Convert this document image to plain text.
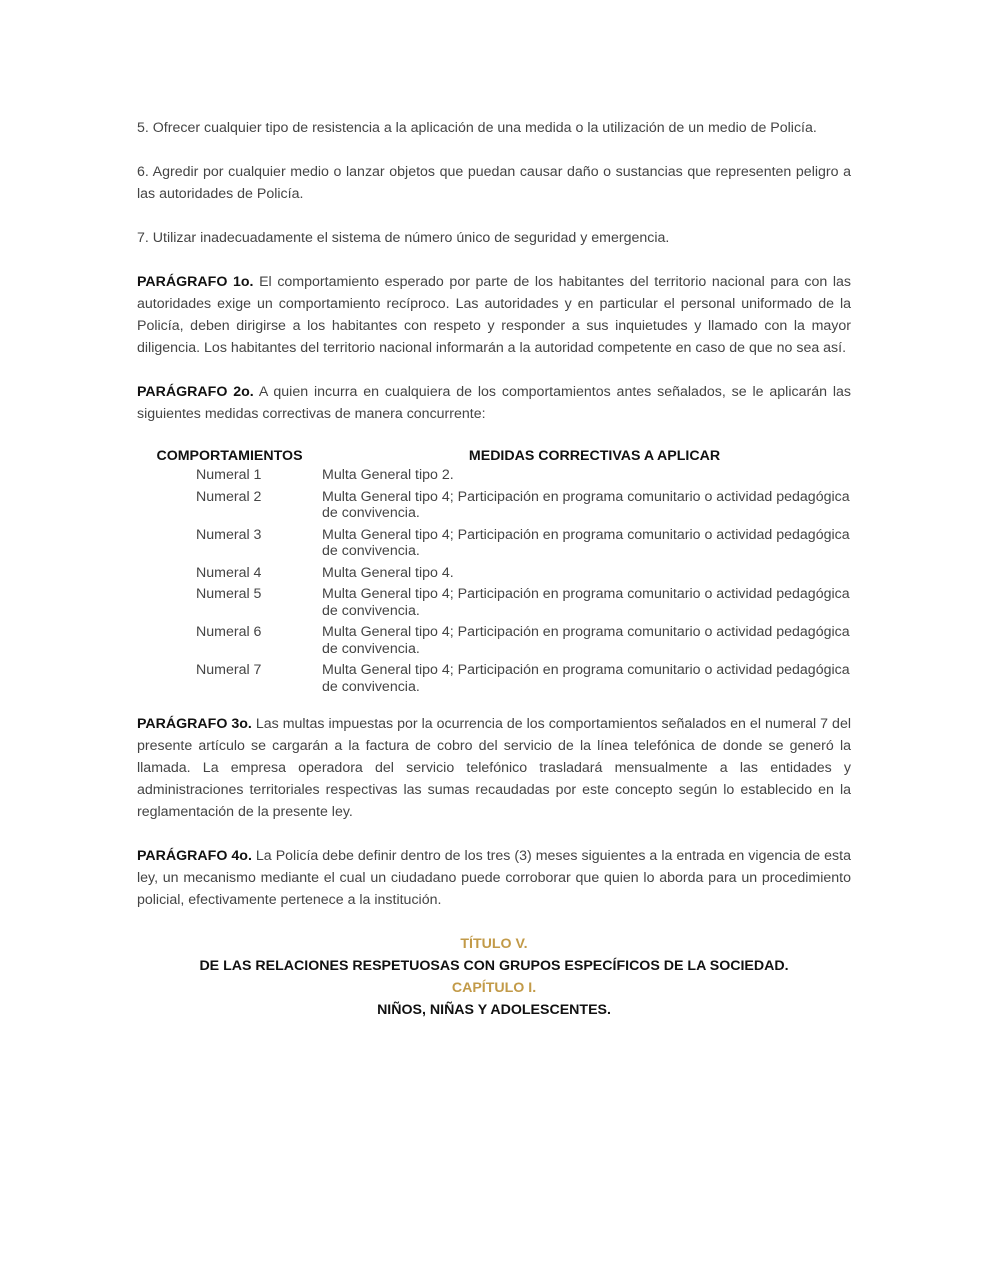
5. Ofrecer cualquier tipo de resistencia a la aplicación de una medida o la utilización de un medio de Policía.

6. Agredir por cualquier medio o lanzar objetos que puedan causar daño o sustancias que representen peligro a las autoridades de Policía.

7. Utilizar inadecuadamente el sistema de número único de seguridad y emergencia.

PARÁGRAFO 1o. El comportamiento esperado por parte de los habitantes del territorio nacional para con las autoridades exige un comportamiento recíproco. Las autoridades y en particular el personal uniformado de la Policía, deben dirigirse a los habitantes con respeto y responder a sus inquietudes y llamado con la mayor diligencia. Los habitantes del territorio nacional informarán a la autoridad competente en caso de que no sea así.

PARÁGRAFO 2o. A quien incurra en cualquiera de los comportamientos antes señalados, se le aplicarán las siguientes medidas correctivas de manera concurrente:

COMPORTAMIENTOS	MEDIDAS CORRECTIVAS A APLICAR
Numeral 1	Multa General tipo 2.
Numeral 2	Multa General tipo 4; Participación en programa comunitario o actividad pedagógica de convivencia.
Numeral 3	Multa General tipo 4; Participación en programa comunitario o actividad pedagógica de convivencia.
Numeral 4	Multa General tipo 4.
Numeral 5	Multa General tipo 4; Participación en programa comunitario o actividad pedagógica de convivencia.
Numeral 6	Multa General tipo 4; Participación en programa comunitario o actividad pedagógica de convivencia.
Numeral 7	Multa General tipo 4; Participación en programa comunitario o actividad pedagógica de convivencia.

PARÁGRAFO 3o. Las multas impuestas por la ocurrencia de los comportamientos señalados en el numeral 7 del presente artículo se cargarán a la factura de cobro del servicio de la línea telefónica de donde se generó la llamada. La empresa operadora del servicio telefónico trasladará mensualmente a las entidades y administraciones territoriales respectivas las sumas recaudadas por este concepto según lo establecido en la reglamentación de la presente ley.

PARÁGRAFO 4o. La Policía debe definir dentro de los tres (3) meses siguientes a la entrada en vigencia de esta ley, un mecanismo mediante el cual un ciudadano puede corroborar que quien lo aborda para un procedimiento policial, efectivamente pertenece a la institución.

TÍTULO V.

DE LAS RELACIONES RESPETUOSAS CON GRUPOS ESPECÍFICOS DE LA SOCIEDAD.

CAPÍTULO I.

NIÑOS, NIÑAS Y ADOLESCENTES.
